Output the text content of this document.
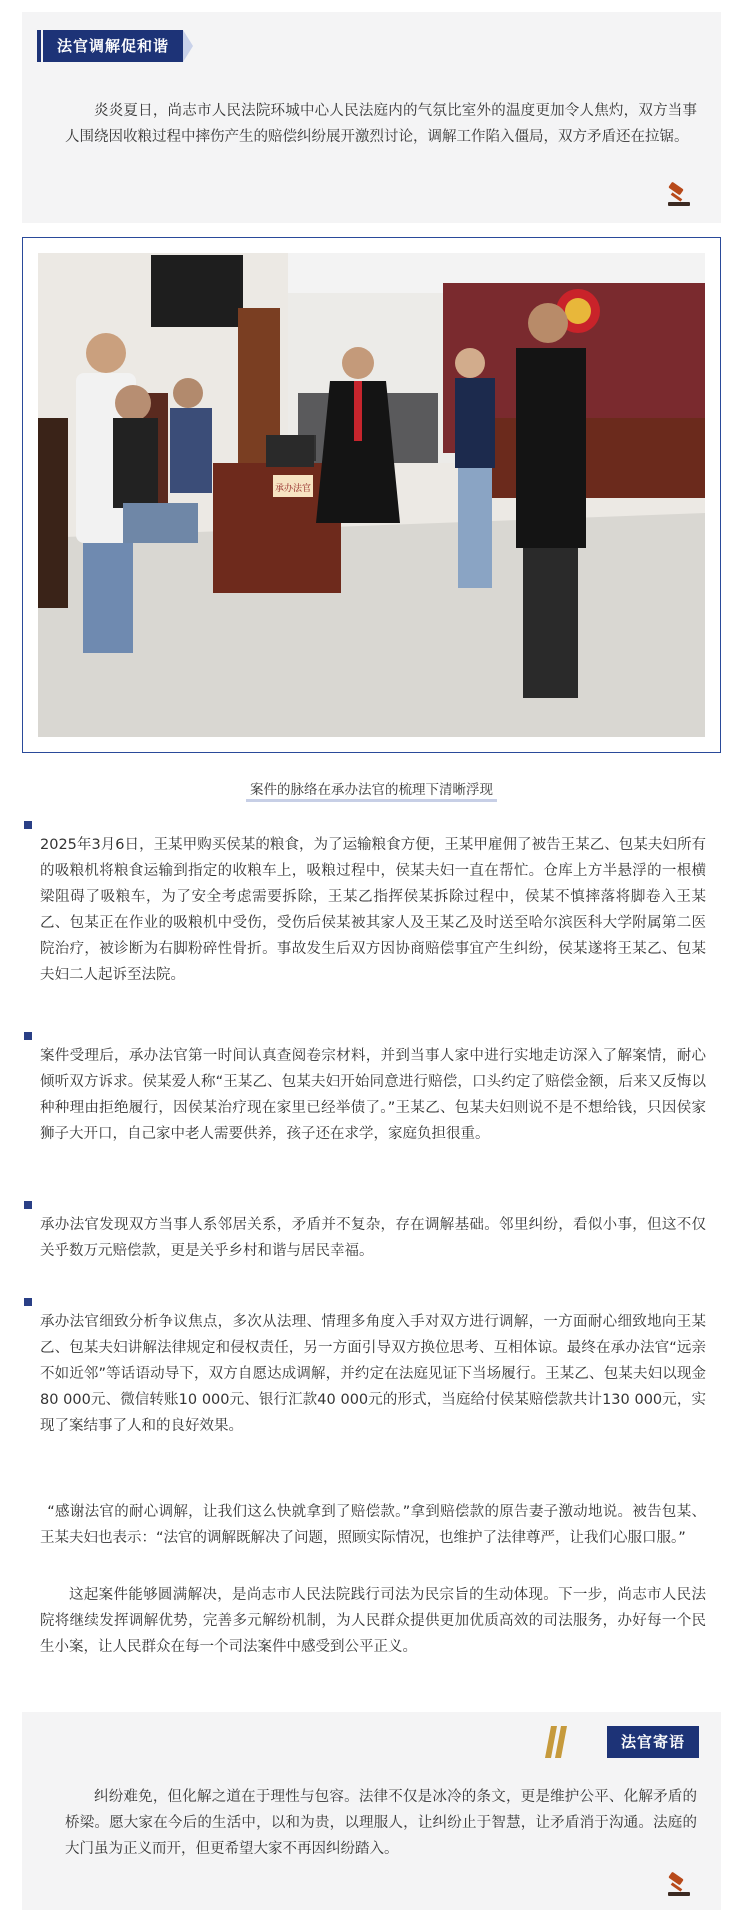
法官调解促和谐

炎炎夏日，尚志市人民法院环城中心人民法庭内的气氛比室外的温度更加令人焦灼，双方当事人围绕因收粮过程中摔伤产生的赔偿纠纷展开激烈讨论，调解工作陷入僵局，双方矛盾还在拉锯。

承办法官
案件的脉络在承办法官的梳理下清晰浮现

2025年3月6日，王某甲购买侯某的粮食，为了运输粮食方便，王某甲雇佣了被告王某乙、包某夫妇所有的吸粮机将粮食运输到指定的收粮车上，吸粮过程中，侯某夫妇一直在帮忙。仓库上方半悬浮的一根横梁阻碍了吸粮车，为了安全考虑需要拆除，王某乙指挥侯某拆除过程中，侯某不慎摔落将脚卷入王某乙、包某正在作业的吸粮机中受伤，受伤后侯某被其家人及王某乙及时送至哈尔滨医科大学附属第二医院治疗，被诊断为右脚粉碎性骨折。事故发生后双方因协商赔偿事宜产生纠纷，侯某遂将王某乙、包某夫妇二人起诉至法院。

案件受理后，承办法官第一时间认真查阅卷宗材料，并到当事人家中进行实地走访深入了解案情，耐心倾听双方诉求。侯某爱人称“王某乙、包某夫妇开始同意进行赔偿，口头约定了赔偿金额，后来又反悔以种种理由拒绝履行，因侯某治疗现在家里已经举债了。”王某乙、包某夫妇则说不是不想给钱，只因侯家狮子大开口，自己家中老人需要供养，孩子还在求学，家庭负担很重。

承办法官发现双方当事人系邻居关系，矛盾并不复杂，存在调解基础。邻里纠纷，看似小事，但这不仅关乎数万元赔偿款，更是关乎乡村和谐与居民幸福。

承办法官细致分析争议焦点，多次从法理、情理多角度入手对双方进行调解，一方面耐心细致地向王某乙、包某夫妇讲解法律规定和侵权责任，另一方面引导双方换位思考、互相体谅。最终在承办法官“远亲不如近邻”等话语动导下，双方自愿达成调解，并约定在法庭见证下当场履行。王某乙、包某夫妇以现金80 000元、微信转账10 000元、银行汇款40 000元的形式，当庭给付侯某赔偿款共计130 000元，实现了案结事了人和的良好效果。

“感谢法官的耐心调解，让我们这么快就拿到了赔偿款。”拿到赔偿款的原告妻子激动地说。被告包某、王某夫妇也表示：“法官的调解既解决了问题，照顾实际情况，也维护了法律尊严，让我们心服口服。”

这起案件能够圆满解决，是尚志市人民法院践行司法为民宗旨的生动体现。下一步，尚志市人民法院将继续发挥调解优势，完善多元解纷机制，为人民群众提供更加优质高效的司法服务，办好每一个民生小案，让人民群众在每一个司法案件中感受到公平正义。

法官寄语

纠纷难免，但化解之道在于理性与包容。法律不仅是冰冷的条文，更是维护公平、化解矛盾的桥梁。愿大家在今后的生活中，以和为贵，以理服人，让纠纷止于智慧，让矛盾消于沟通。法庭的大门虽为正义而开，但更希望大家不再因纠纷踏入。
